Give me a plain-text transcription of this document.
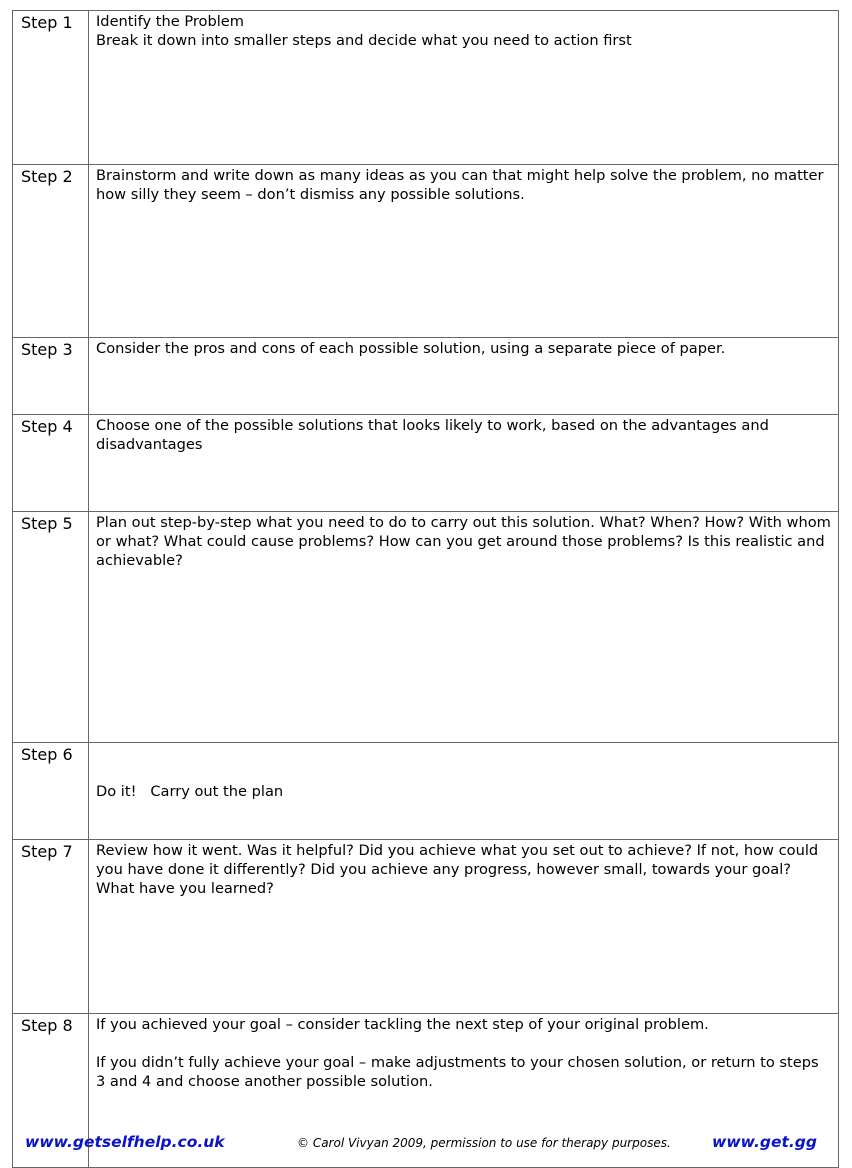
Step 1	Identify the Problem
Break it down into smaller steps and decide what you need to action first

Step 2	Brainstorm and write down as many ideas as you can that might help solve the problem, no matter how silly they seem – don’t dismiss any possible solutions.

Step 3	Consider the pros and cons of each possible solution, using a separate piece of paper.

Step 4	Choose one of the possible solutions that looks likely to work, based on the advantages and disadvantages

Step 5	Plan out step-by-step what you need to do to carry out this solution. What? When? How? With whom or what? What could cause problems? How can you get around those problems? Is this realistic and achievable?

Step 6	Do it!   Carry out the plan

Step 7	Review how it went. Was it helpful? Did you achieve what you set out to achieve? If not, how could you have done it differently? Did you achieve any progress, however small, towards your goal? What have you learned?

Step 8	If you achieved your goal – consider tackling the next step of your original problem.

If you didn’t fully achieve your goal – make adjustments to your chosen solution, or return to steps 3 and 4 and choose another possible solution.

www.getselfhelp.co.uk	© Carol Vivyan 2009, permission to use for therapy purposes.	www.get.gg
